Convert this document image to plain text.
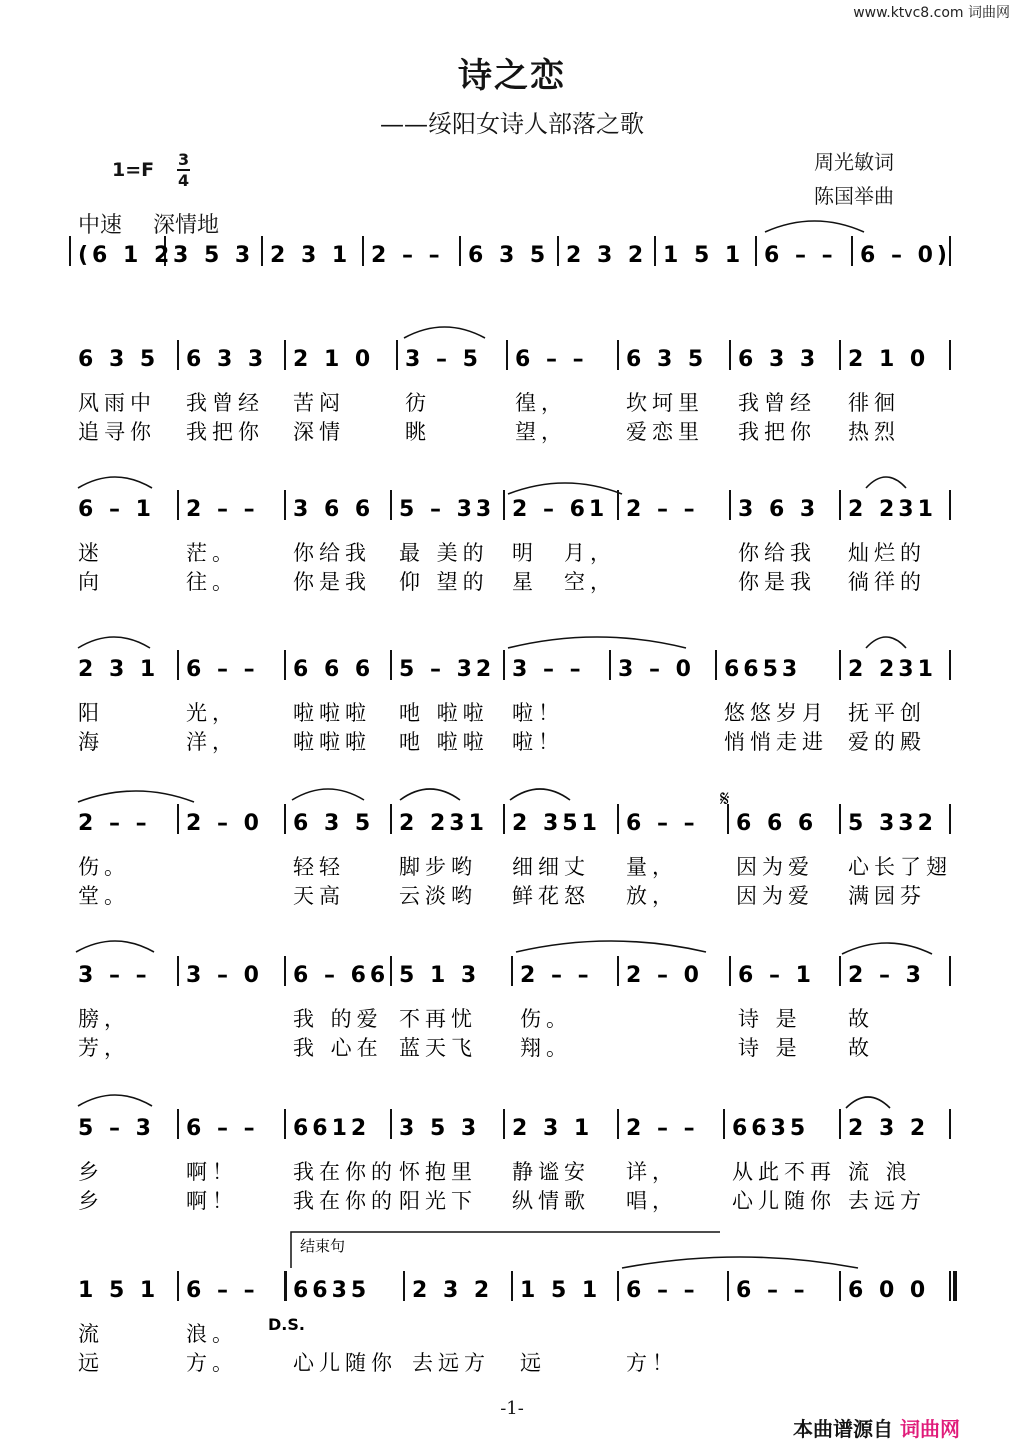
www.ktvc8.com 词曲网
诗之恋
——绥阳女诗人部落之歌
1=F 3
4
周光敏词
陈国举曲
中速 深情地
(6 1 2 3 5 3 2 3 1 2 – – 6 3 5 2 3 2 1 5 1 6 – – 6 – 0)
6 3 5 6 3 3 2 1 0 3 – 5 6 – – 6 3 5 6 3 3 2 1 0
风雨中 我曾经 苦闷	彷	徨，	坎坷里 我曾经 徘徊
追寻你 我把你 深情	眺	望，	爱恋里 我把你 热烈
6 – 1 2 – – 3 6 6 5 – 33 2 – 61 2 – – 3 6 3 2 231
迷	茫。	你给我 最 美的 明　月，	你给我 灿烂的
向	往。	你是我 仰 望的 星　空，	你是我 徜徉的
2 3 1 6 – – 6 6 6 5 – 32 3 – – 3 – 0 6653 2 231
阳	光，	啦啦啦 吔 啦啦 啦！	悠悠岁月 抚平创
海	洋，	啦啦啦 吔 啦啦 啦！	悄悄走进 爱的殿
2 – – 2 – 0 6 3 5 2 231 2 351 6 – – 6 6 6 5 332
伤。	轻轻	脚步哟 细细丈 量，	因为爱 心长了翅
堂。	天高	云淡哟 鲜花怒 放，	因为爱 满园芬
3 – – 3 – 0 6 – 66 5 1 3 2 – – 2 – 0 6 – 1 2 – 3
膀，	我 的爱 不再忧 伤。	诗 是 故
芳，	我 心在 蓝天飞 翔。	诗 是 故
5 – 3 6 – – 6612 3 5 3 2 3 1 2 – – 6635 2 3 2
乡	啊！	我在你的 怀抱里 静谧安 详，	从此不再 流 浪
乡	啊！	我在你的 阳光下 纵情歌 唱，	心儿随你 去远方
1 5 1 6 – – 6635 2 3 2 1 5 1 6 – – 6 – – 6 0 0
流	浪。
远	方。	心儿随你 去远方 远	方！
𝄋
D.S.
结束句
-1-
本曲谱源自 词曲网
